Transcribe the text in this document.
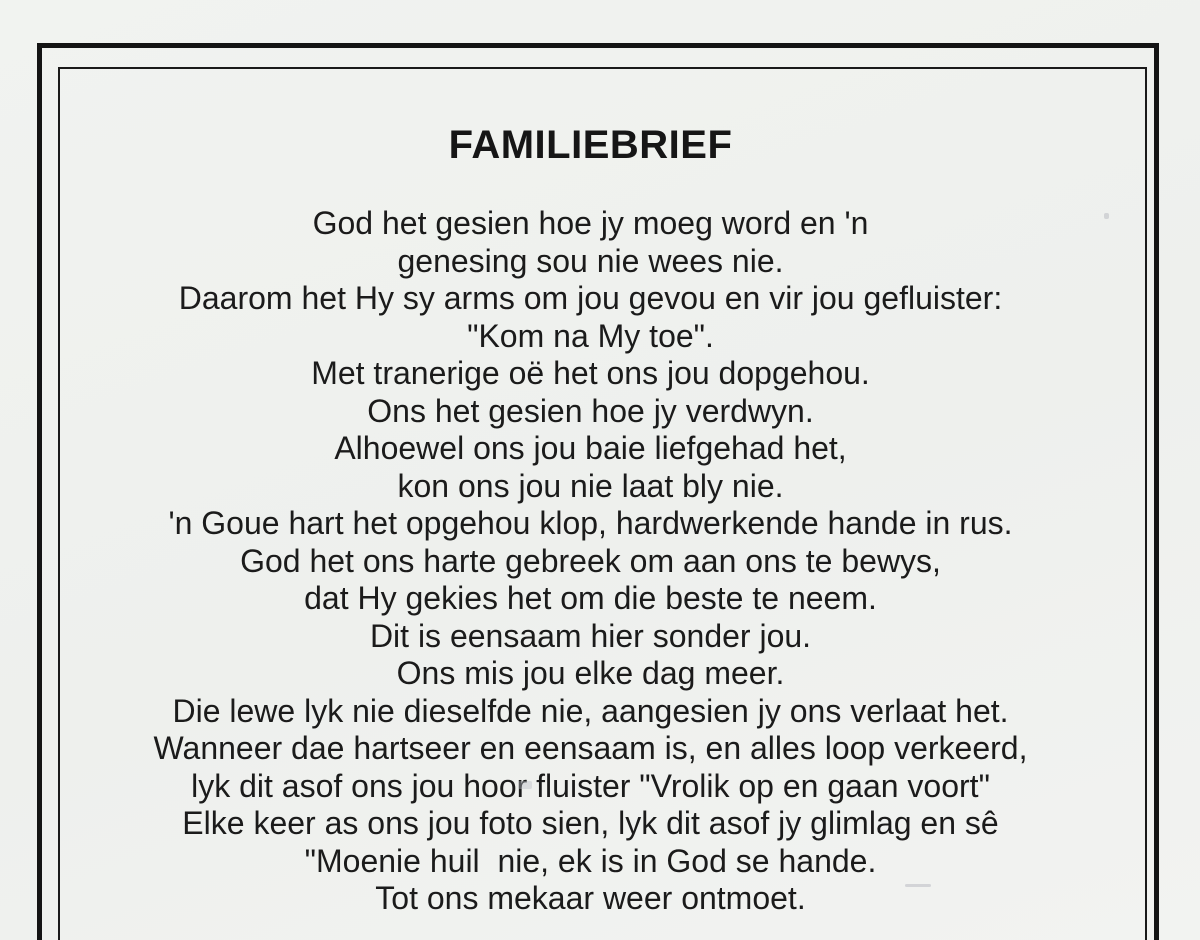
FAMILIEBRIEF
God het gesien hoe jy moeg word en 'n
genesing sou nie wees nie.
Daarom het Hy sy arms om jou gevou en vir jou gefluister:
"Kom na My toe".
Met tranerige oë het ons jou dopgehou.
Ons het gesien hoe jy verdwyn.
Alhoewel ons jou baie liefgehad het,
kon ons jou nie laat bly nie.
'n Goue hart het opgehou klop, hardwerkende hande in rus.
God het ons harte gebreek om aan ons te bewys,
dat Hy gekies het om die beste te neem.
Dit is eensaam hier sonder jou.
Ons mis jou elke dag meer.
Die lewe lyk nie dieselfde nie, aangesien jy ons verlaat het.
Wanneer dae hartseer en eensaam is, en alles loop verkeerd,
lyk dit asof ons jou hoor fluister "Vrolik op en gaan voort"
Elke keer as ons jou foto sien, lyk dit asof jy glimlag en sê
"Moenie huil  nie, ek is in God se hande.
Tot ons mekaar weer ontmoet.
